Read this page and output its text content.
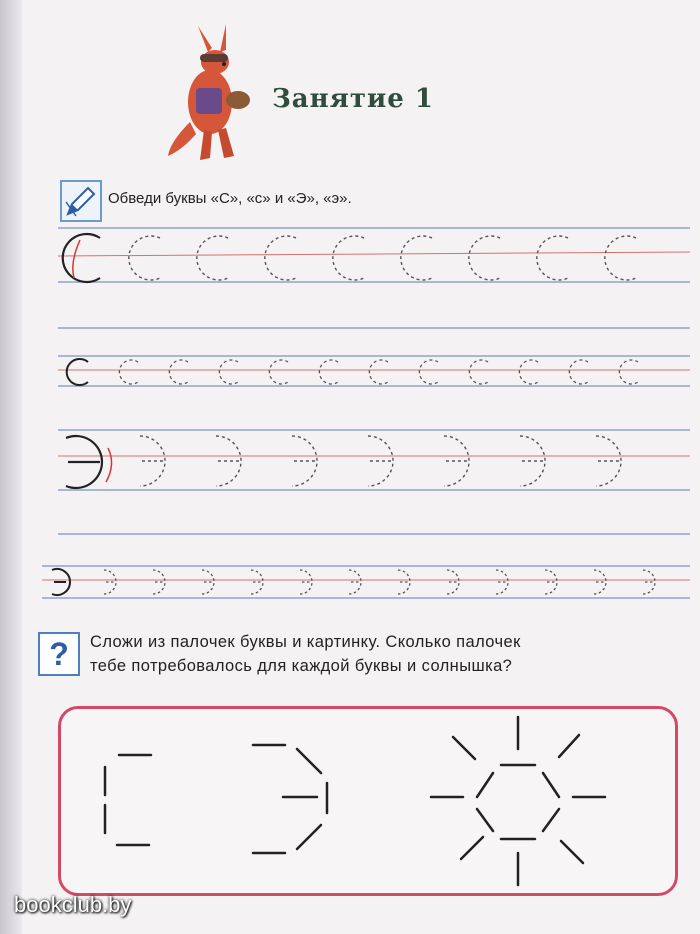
Занятие 1
Обведи буквы «С», «с» и «Э», «э».
?	Сложи из палочек буквы и картинку. Сколько палочек
тебе потребовалось для каждой буквы и солнышка?
bookclub.by
